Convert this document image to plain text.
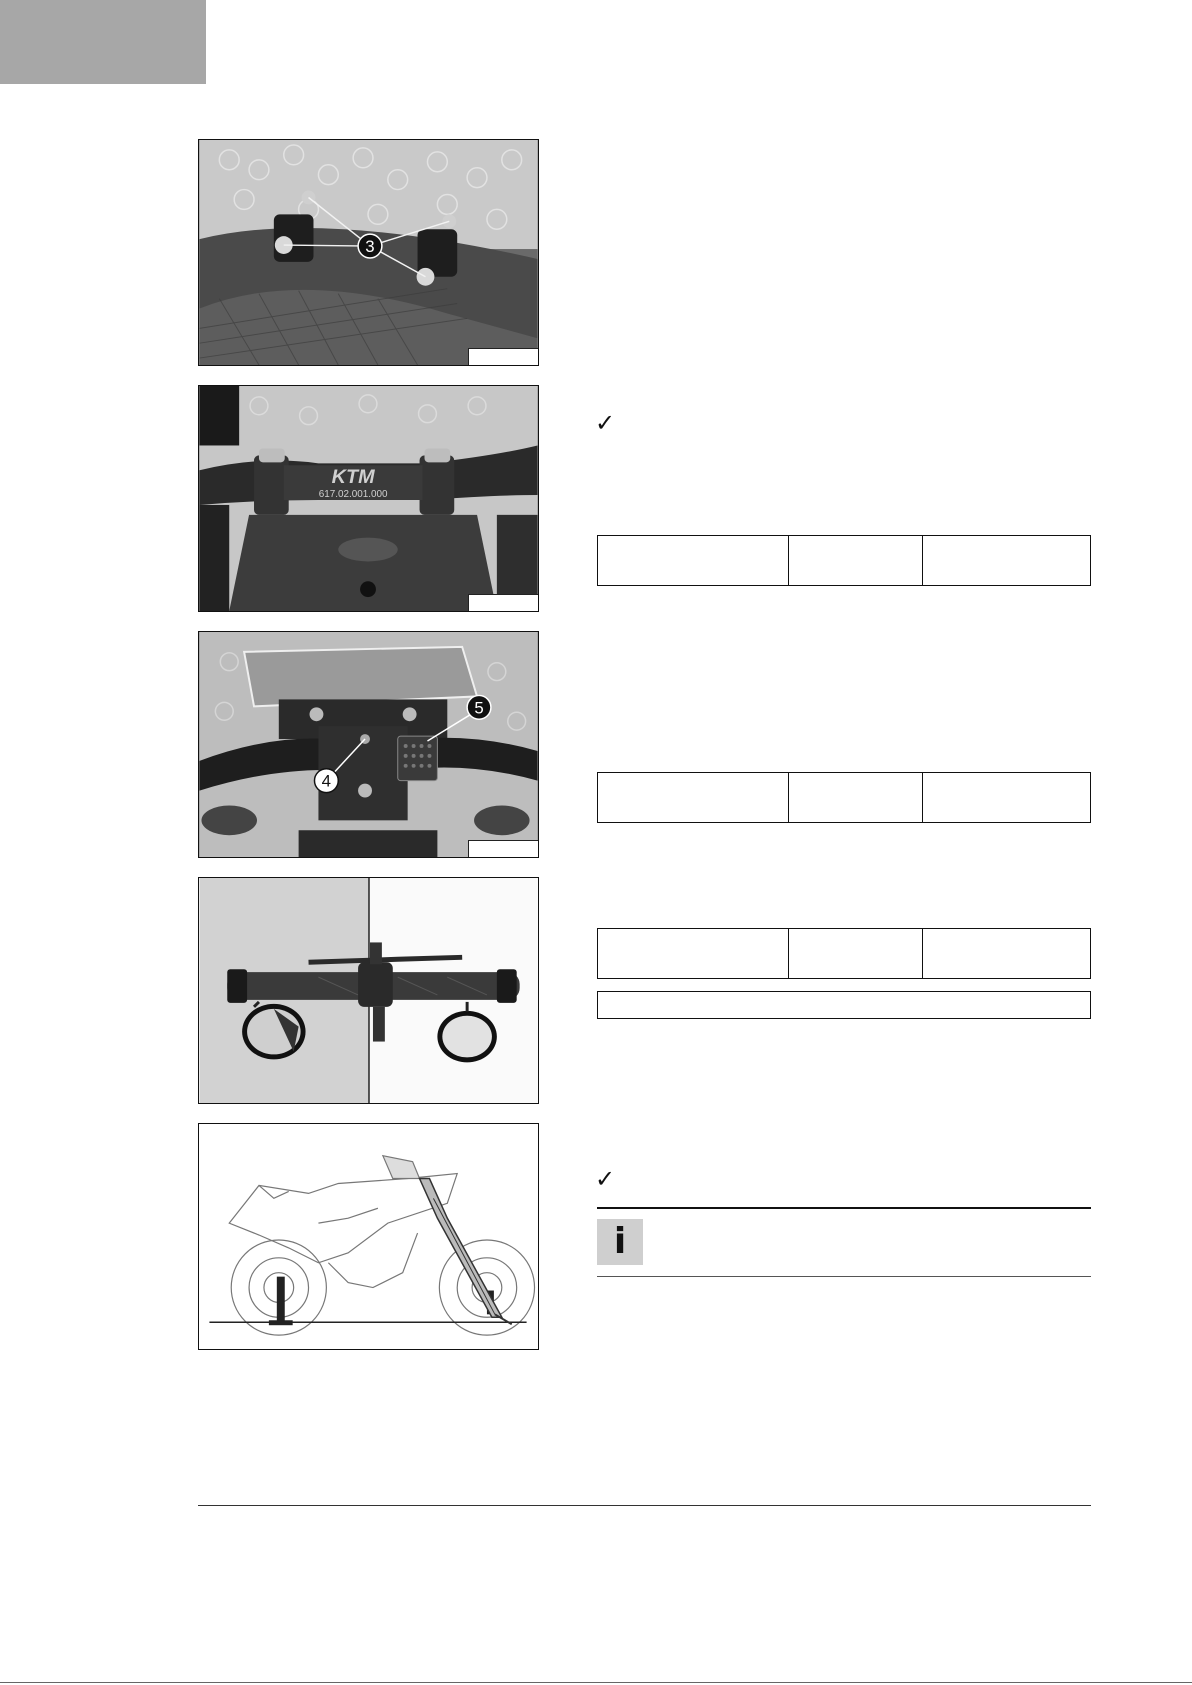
3
KTM
617.02.001.000
4
5
✓

✓
i
